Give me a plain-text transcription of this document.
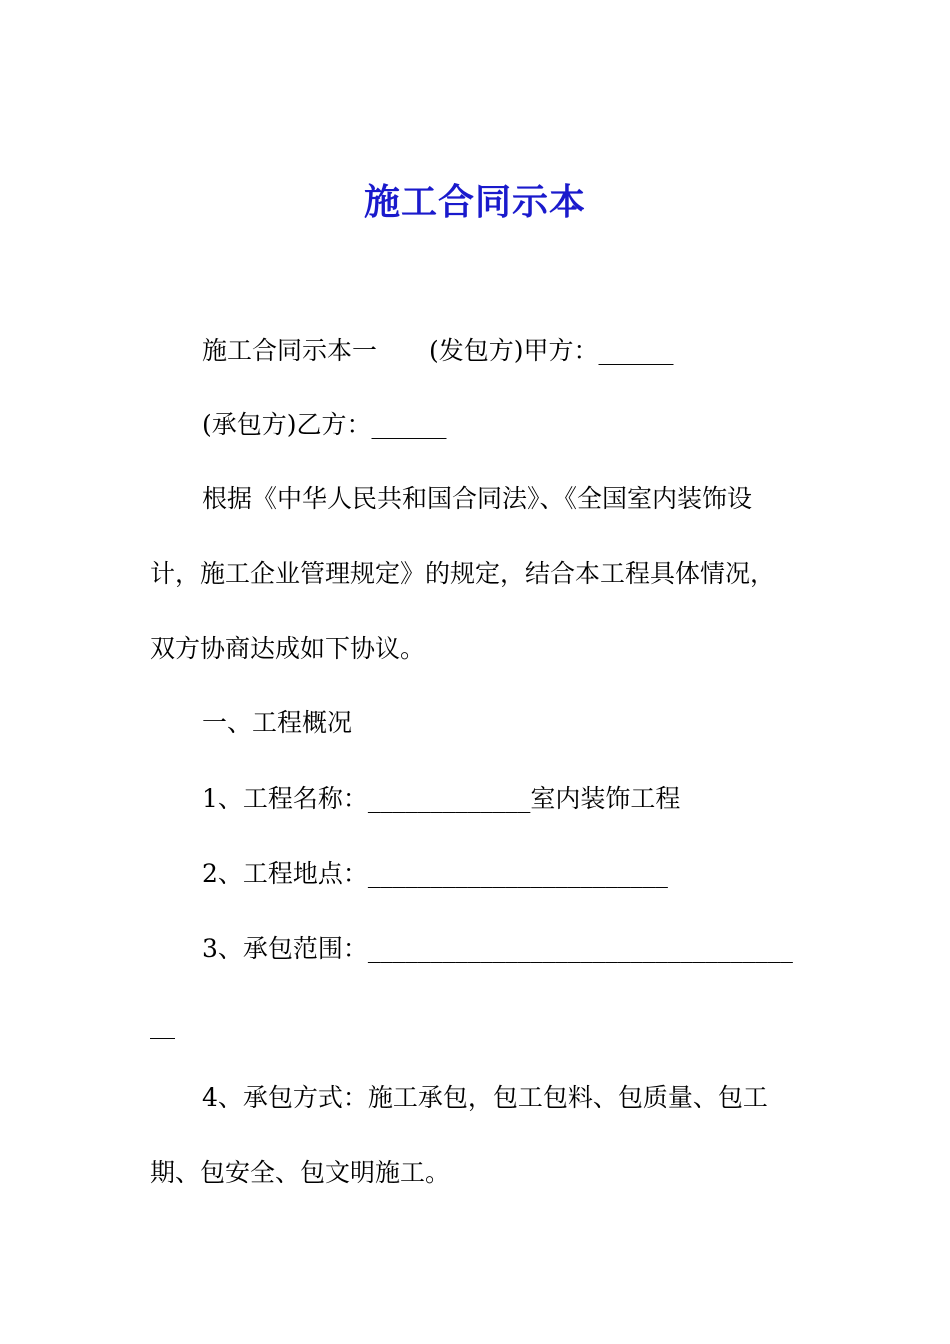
施工合同示本
施工合同示本一 (发包方)甲方：______
(承包方)乙方：______
根据《中华人民共和国合同法》、《全国室内装饰设
计，施工企业管理规定》的规定，结合本工程具体情况，
双方协商达成如下协议。
一、工程概况
1、工程名称：_____________室内装饰工程
2、工程地点：________________________
3、承包范围：__________________________________
__
4、承包方式：施工承包，包工包料、包质量、包工
期、包安全、包文明施工。
